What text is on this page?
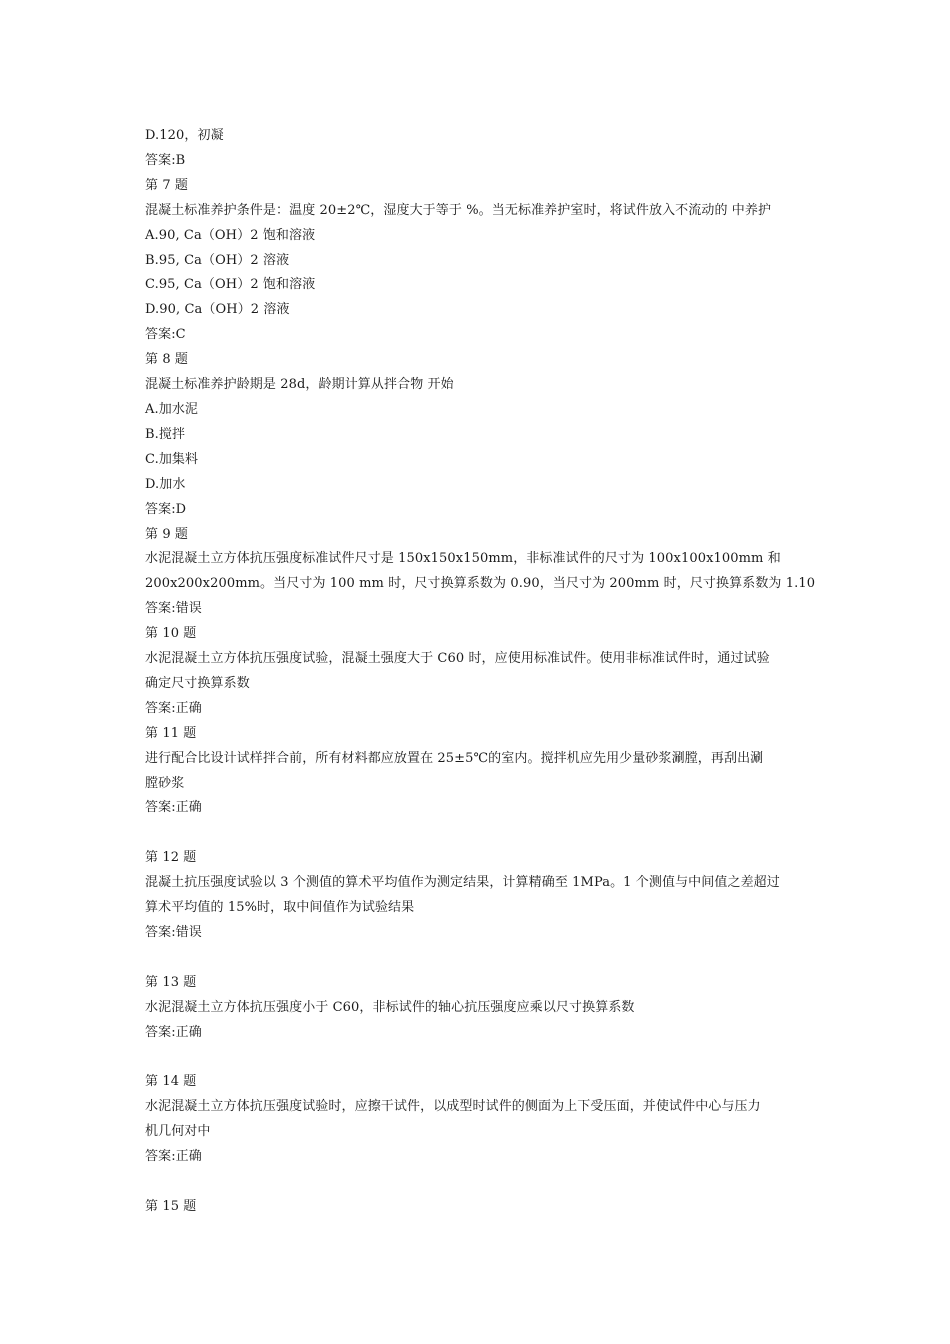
D.120，初凝
答案:B
第 7 题
混凝土标准养护条件是：温度 20±2℃，湿度大于等于 %。当无标准养护室时，将试件放入不流动的 中养护
A.90, Ca（OH）2 饱和溶液
B.95, Ca（OH）2 溶液
C.95, Ca（OH）2 饱和溶液
D.90, Ca（OH）2 溶液
答案:C
第 8 题
混凝土标准养护龄期是 28d，龄期计算从拌合物 开始
A.加水泥
B.搅拌
C.加集料
D.加水
答案:D
第 9 题
水泥混凝土立方体抗压强度标准试件尺寸是 150x150x150mm，非标准试件的尺寸为 100x100x100mm 和
200x200x200mm。当尺寸为 100 mm 时，尺寸换算系数为 0.90，当尺寸为 200mm 时，尺寸换算系数为 1.10
答案:错误
第 10 题
水泥混凝土立方体抗压强度试验，混凝土强度大于 C60 时，应使用标准试件。使用非标准试件时，通过试验
确定尺寸换算系数
答案:正确
第 11 题
进行配合比设计试样拌合前，所有材料都应放置在 25±5℃的室内。搅拌机应先用少量砂浆涮膛，再刮出涮
膛砂浆
答案:正确
第 12 题
混凝土抗压强度试验以 3 个测值的算术平均值作为测定结果，计算精确至 1MPa。1 个测值与中间值之差超过
算术平均值的 15%时，取中间值作为试验结果
答案:错误
第 13 题
水泥混凝土立方体抗压强度小于 C60，非标试件的轴心抗压强度应乘以尺寸换算系数
答案:正确
第 14 题
水泥混凝土立方体抗压强度试验时，应擦干试件，以成型时试件的侧面为上下受压面，并使试件中心与压力
机几何对中
答案:正确
第 15 题
